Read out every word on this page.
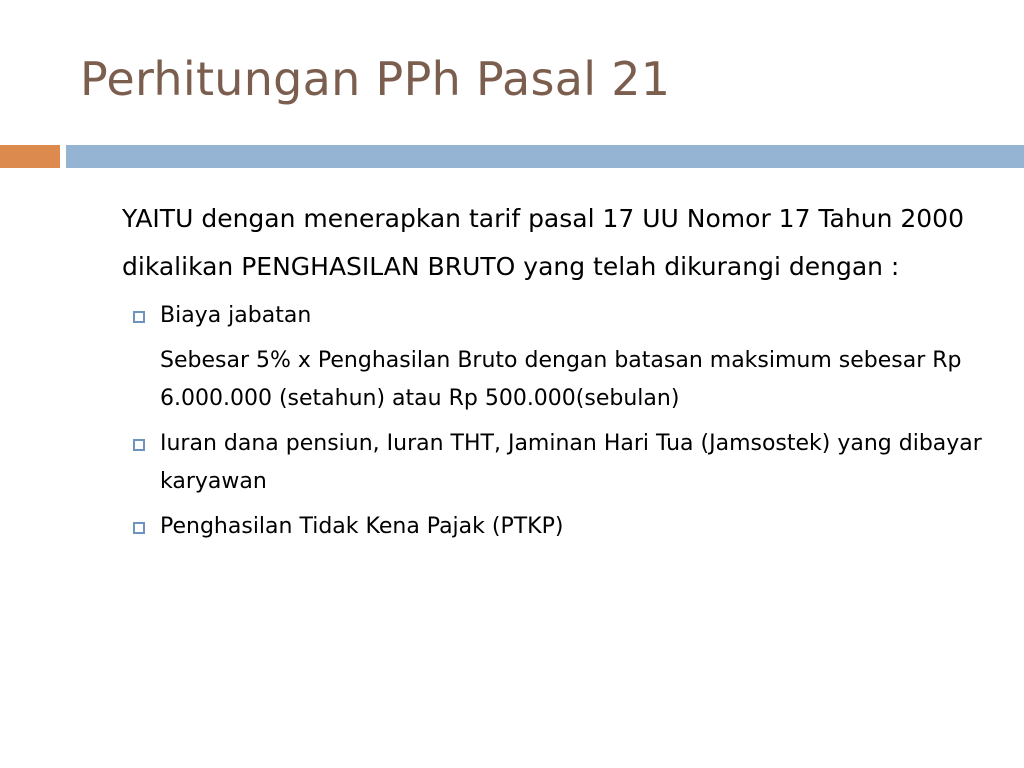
Perhitungan PPh Pasal 21

YAITU dengan menerapkan tarif pasal 17 UU Nomor 17 Tahun 2000 dikalikan PENGHASILAN BRUTO yang telah dikurangi dengan :

Biaya jabatan

Sebesar 5% x Penghasilan Bruto dengan batasan maksimum sebesar Rp 6.000.000 (setahun) atau Rp 500.000(sebulan)

Iuran dana pensiun, Iuran THT, Jaminan Hari Tua (Jamsostek) yang dibayar karyawan
Penghasilan Tidak Kena Pajak (PTKP)
